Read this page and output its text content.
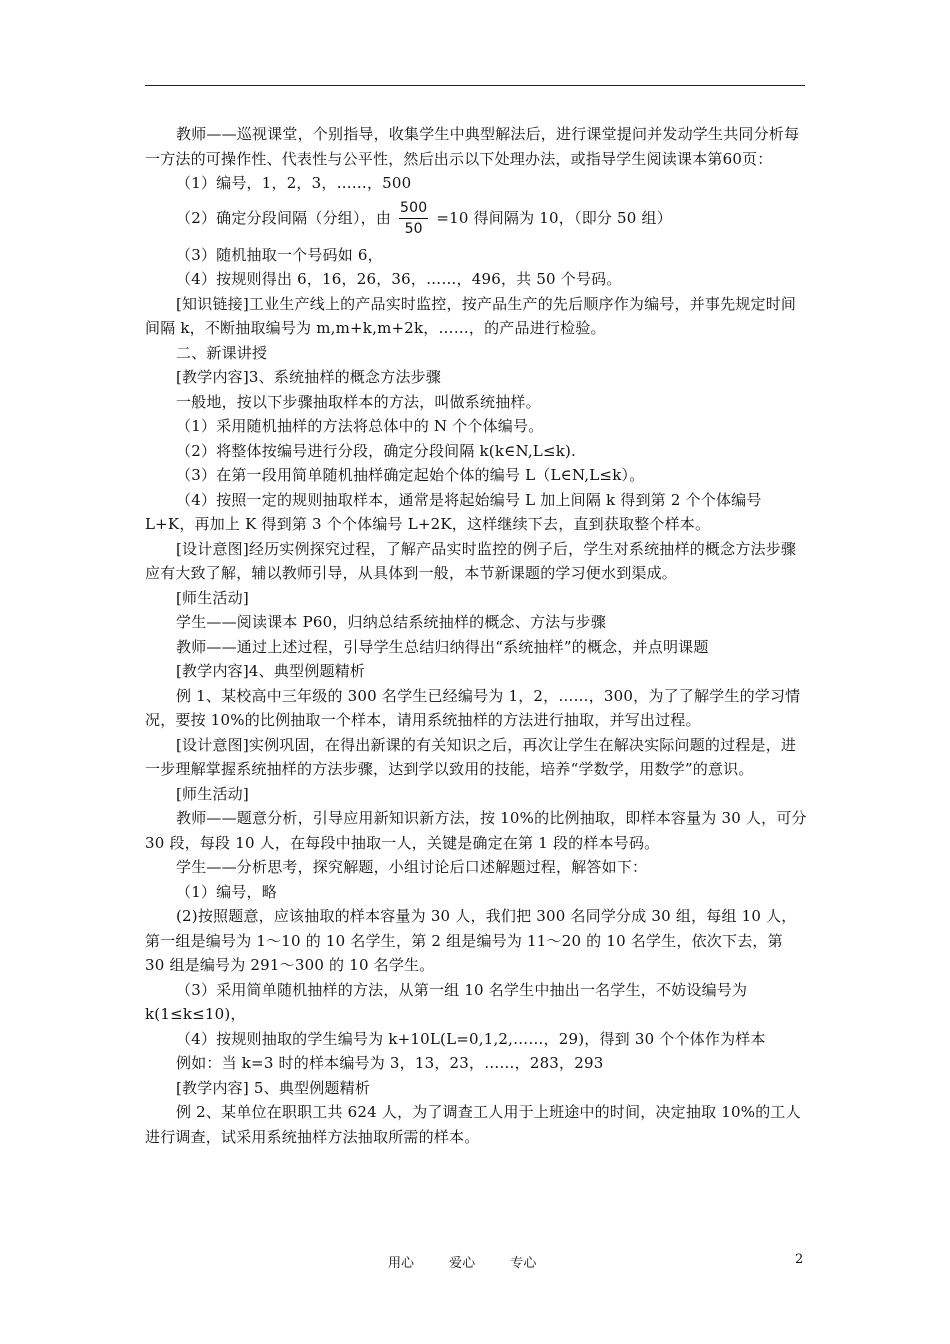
教师——巡视课堂，个别指导，收集学生中典型解法后，进行课堂提问并发动学生共同分析每一方法的可操作性、代表性与公平性，然后出示以下处理办法，或指导学生阅读课本第60页：

（1）编号，1，2，3，……，500

（2）确定分段间隔（分组），由 $\frac{500}{50} =10$ 得间隔为 10，（即分 50 组）

（3）随机抽取一个号码如 6，

（4）按规则得出 6，16，26，36，……，496，共 50 个号码。

[知识链接]工业生产线上的产品实时监控，按产品生产的先后顺序作为编号，并事先规定时间间隔 k，不断抽取编号为 m,m+k,m+2k，……，的产品进行检验。

二、新课讲授

[教学内容]3、系统抽样的概念方法步骤

一般地，按以下步骤抽取样本的方法，叫做系统抽样。

（1）采用随机抽样的方法将总体中的 N 个个体编号。

（2）将整体按编号进行分段，确定分段间隔 k(k∈N,L≤k).

（3）在第一段用简单随机抽样确定起始个体的编号 L（L∈N,L≤k）。

（4）按照一定的规则抽取样本，通常是将起始编号 L 加上间隔 k 得到第 2 个个体编号 L+K，再加上 K 得到第 3 个个体编号 L+2K，这样继续下去，直到获取整个样本。

[设计意图]经历实例探究过程，了解产品实时监控的例子后，学生对系统抽样的概念方法步骤应有大致了解，辅以教师引导，从具体到一般，本节新课题的学习便水到渠成。

[师生活动]

学生——阅读课本 P60，归纳总结系统抽样的概念、方法与步骤

教师——通过上述过程，引导学生总结归纳得出“系统抽样”的概念，并点明课题

[教学内容]4、典型例题精析

例 1、某校高中三年级的 300 名学生已经编号为 1，2，……，300，为了了解学生的学习情况，要按 10%的比例抽取一个样本，请用系统抽样的方法进行抽取，并写出过程。

[设计意图]实例巩固，在得出新课的有关知识之后，再次让学生在解决实际问题的过程是，进一步理解掌握系统抽样的方法步骤，达到学以致用的技能，培养“学数学，用数学”的意识。

[师生活动]

教师——题意分析，引导应用新知识新方法，按 10%的比例抽取，即样本容量为 30 人，可分 30 段，每段 10 人，在每段中抽取一人，关键是确定在第 1 段的样本号码。

学生——分析思考，探究解题，小组讨论后口述解题过程，解答如下：

（1）编号，略

(2)按照题意，应该抽取的样本容量为 30 人，我们把 300 名同学分成 30 组，每组 10 人，第一组是编号为 1～10 的 10 名学生，第 2 组是编号为 11～20 的 10 名学生，依次下去，第 30 组是编号为 291～300 的 10 名学生。

（3）采用简单随机抽样的方法，从第一组 10 名学生中抽出一名学生，不妨设编号为 k(1≤k≤10)，

（4）按规则抽取的学生编号为 k+10L(L=0,1,2,……，29)，得到 30 个个体作为样本

例如：当 k=3 时的样本编号为 3，13，23，……，283，293

[教学内容] 5、典型例题精析

例 2、某单位在职职工共 624 人，为了调查工人用于上班途中的时间，决定抽取 10%的工人进行调查，试采用系统抽样方法抽取所需的样本。

用心	爱心	专心	2
